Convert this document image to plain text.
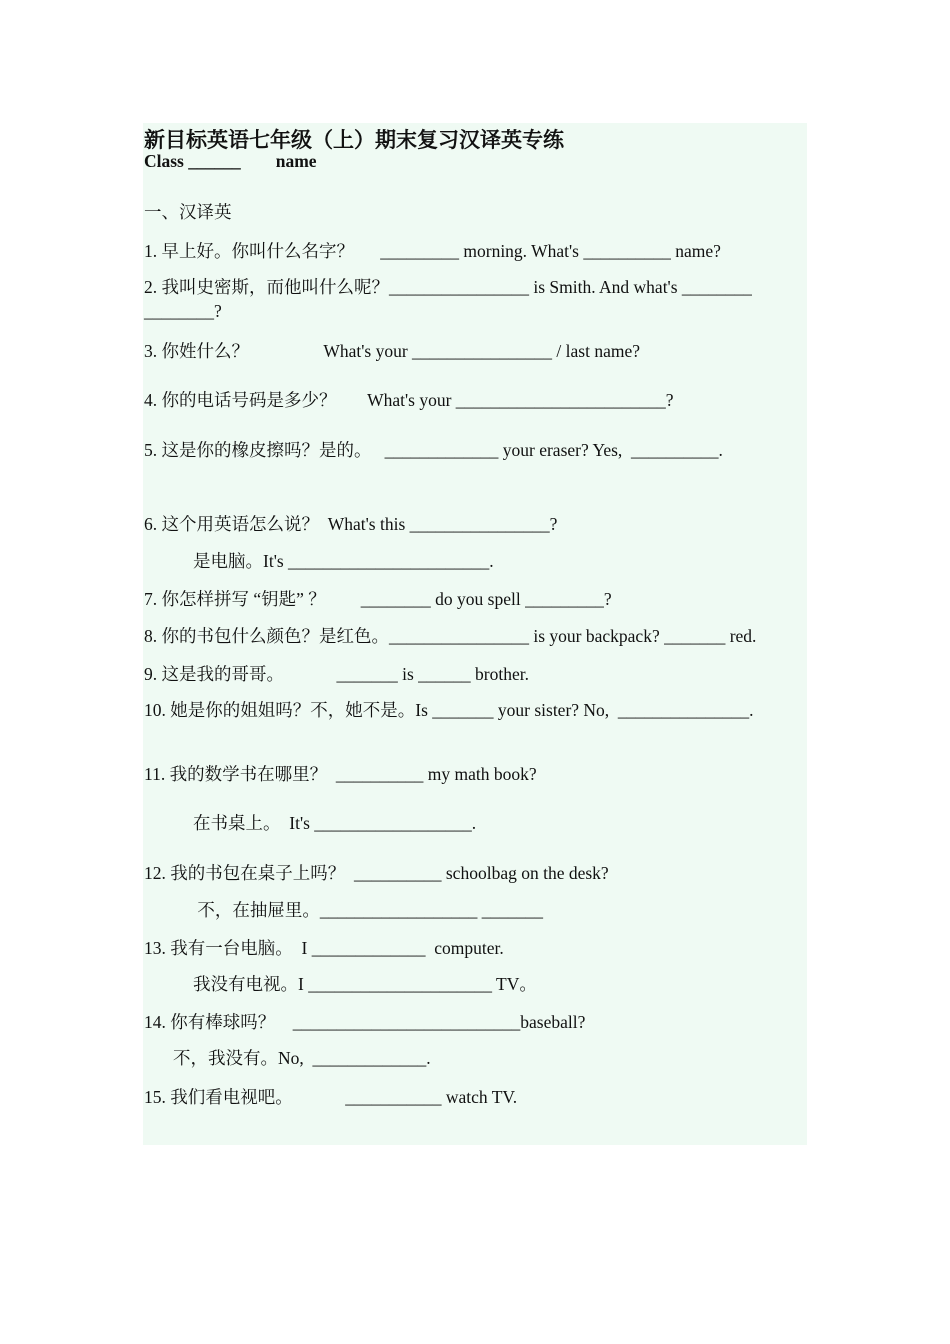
新目标英语七年级（上）期末复习汉译英专练
Class ______        name
一、汉译英
1. 早上好。你叫什么名字？      _________ morning. What's __________ name?
2. 我叫史密斯，而他叫什么呢？________________ is Smith. And what's ________
________?
3. 你姓什么？                 What's your ________________ / last name?
4. 你的电话号码是多少？       What's your ________________________?
5. 这是你的橡皮擦吗？是的。   _____________ your eraser? Yes,  __________.
6. 这个用英语怎么说？  What's this ________________?
是电脑。It's _______________________.
7. 你怎样拼写 “钥匙” ？        ________ do you spell _________?
8. 你的书包什么颜色？是红色。________________ is your backpack? _______ red.
9. 这是我的哥哥。            _______ is ______ brother.
10. 她是你的姐姐吗？不，她不是。Is _______ your sister? No,  _______________.
11. 我的数学书在哪里？  __________ my math book?
在书桌上。  It's __________________.
12. 我的书包在桌子上吗？  __________ schoolbag on the desk?
不，在抽屉里。__________________ _______
13. 我有一台电脑。  I _____________  computer.
我没有电视。I _____________________ TV。
14. 你有棒球吗？    __________________________baseball?
不，我没有。No,  _____________.
15. 我们看电视吧。            ___________ watch TV.
